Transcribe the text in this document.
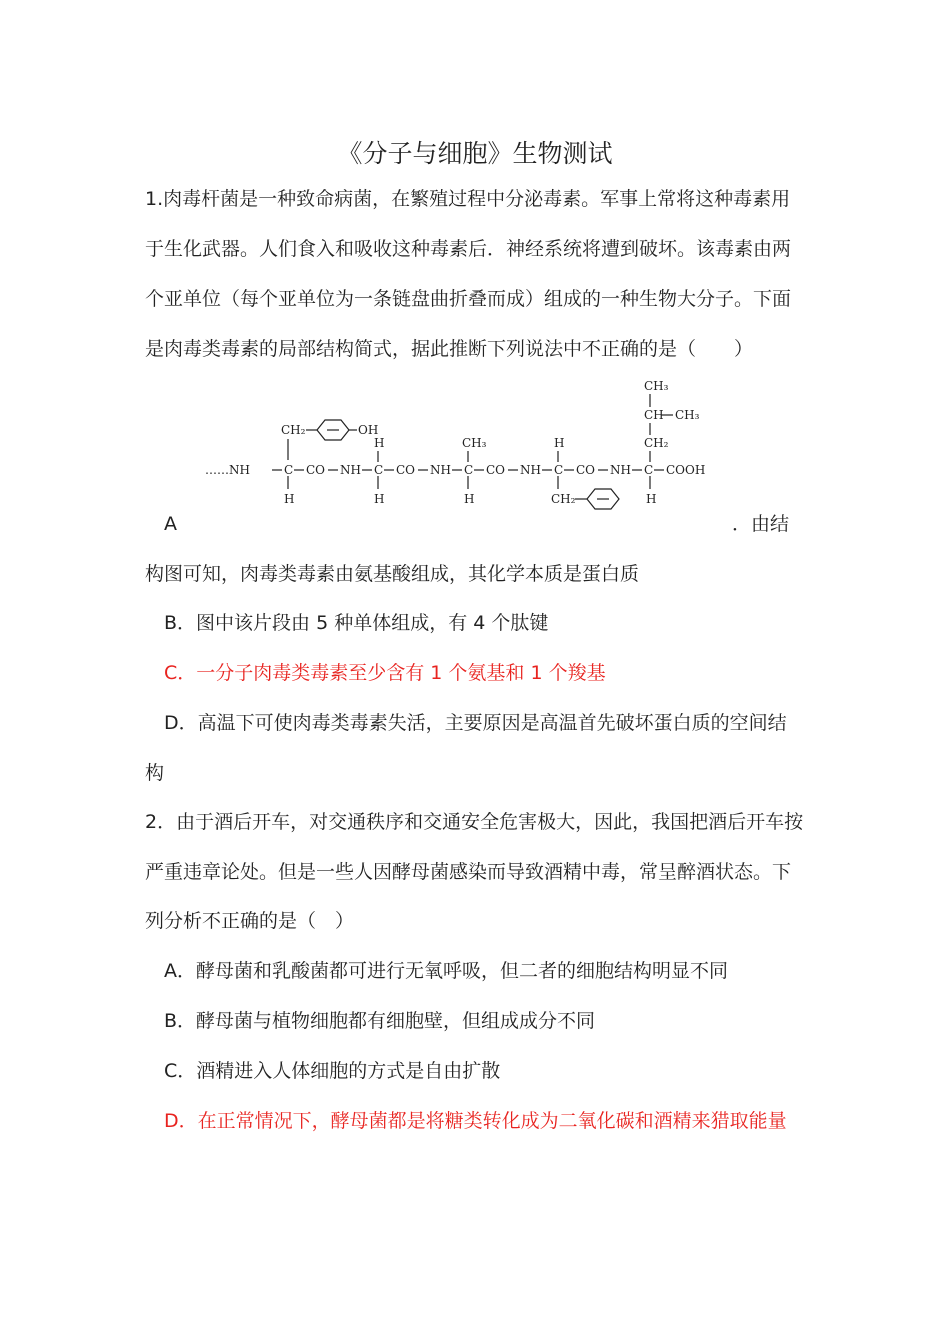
《分子与细胞》生物测试
1.肉毒杆菌是一种致命病菌，在繁殖过程中分泌毒素。军事上常将这种毒素用
于生化武器。人们食入和吸收这种毒素后．神经系统将遭到破坏。该毒素由两
个亚单位（每个亚单位为一条链盘曲折叠而成）组成的一种生物大分子。下面
是肉毒类毒素的局部结构简式，据此推断下列说法中不正确的是（　　）
……NH	C CO NH C CO NH C CO NH C CO NH C COOH
CH₂	OH
H
H
H
CH₃
H
H
CH₂
CH₃
CH CH₃
CH₂
H
A	．由结
构图可知，肉毒类毒素由氨基酸组成，其化学本质是蛋白质
B．图中该片段由 5 种单体组成，有 4 个肽键
C．一分子肉毒类毒素至少含有 1 个氨基和 1 个羧基
D．高温下可使肉毒类毒素失活，主要原因是高温首先破坏蛋白质的空间结
构
2．由于酒后开车，对交通秩序和交通安全危害极大，因此，我国把酒后开车按
严重违章论处。但是一些人因酵母菌感染而导致酒精中毒，常呈醉酒状态。下
列分析不正确的是（　）
A．酵母菌和乳酸菌都可进行无氧呼吸，但二者的细胞结构明显不同
B．酵母菌与植物细胞都有细胞壁，但组成成分不同
C．酒精进入人体细胞的方式是自由扩散
D．在正常情况下，酵母菌都是将糖类转化成为二氧化碳和酒精来猎取能量
